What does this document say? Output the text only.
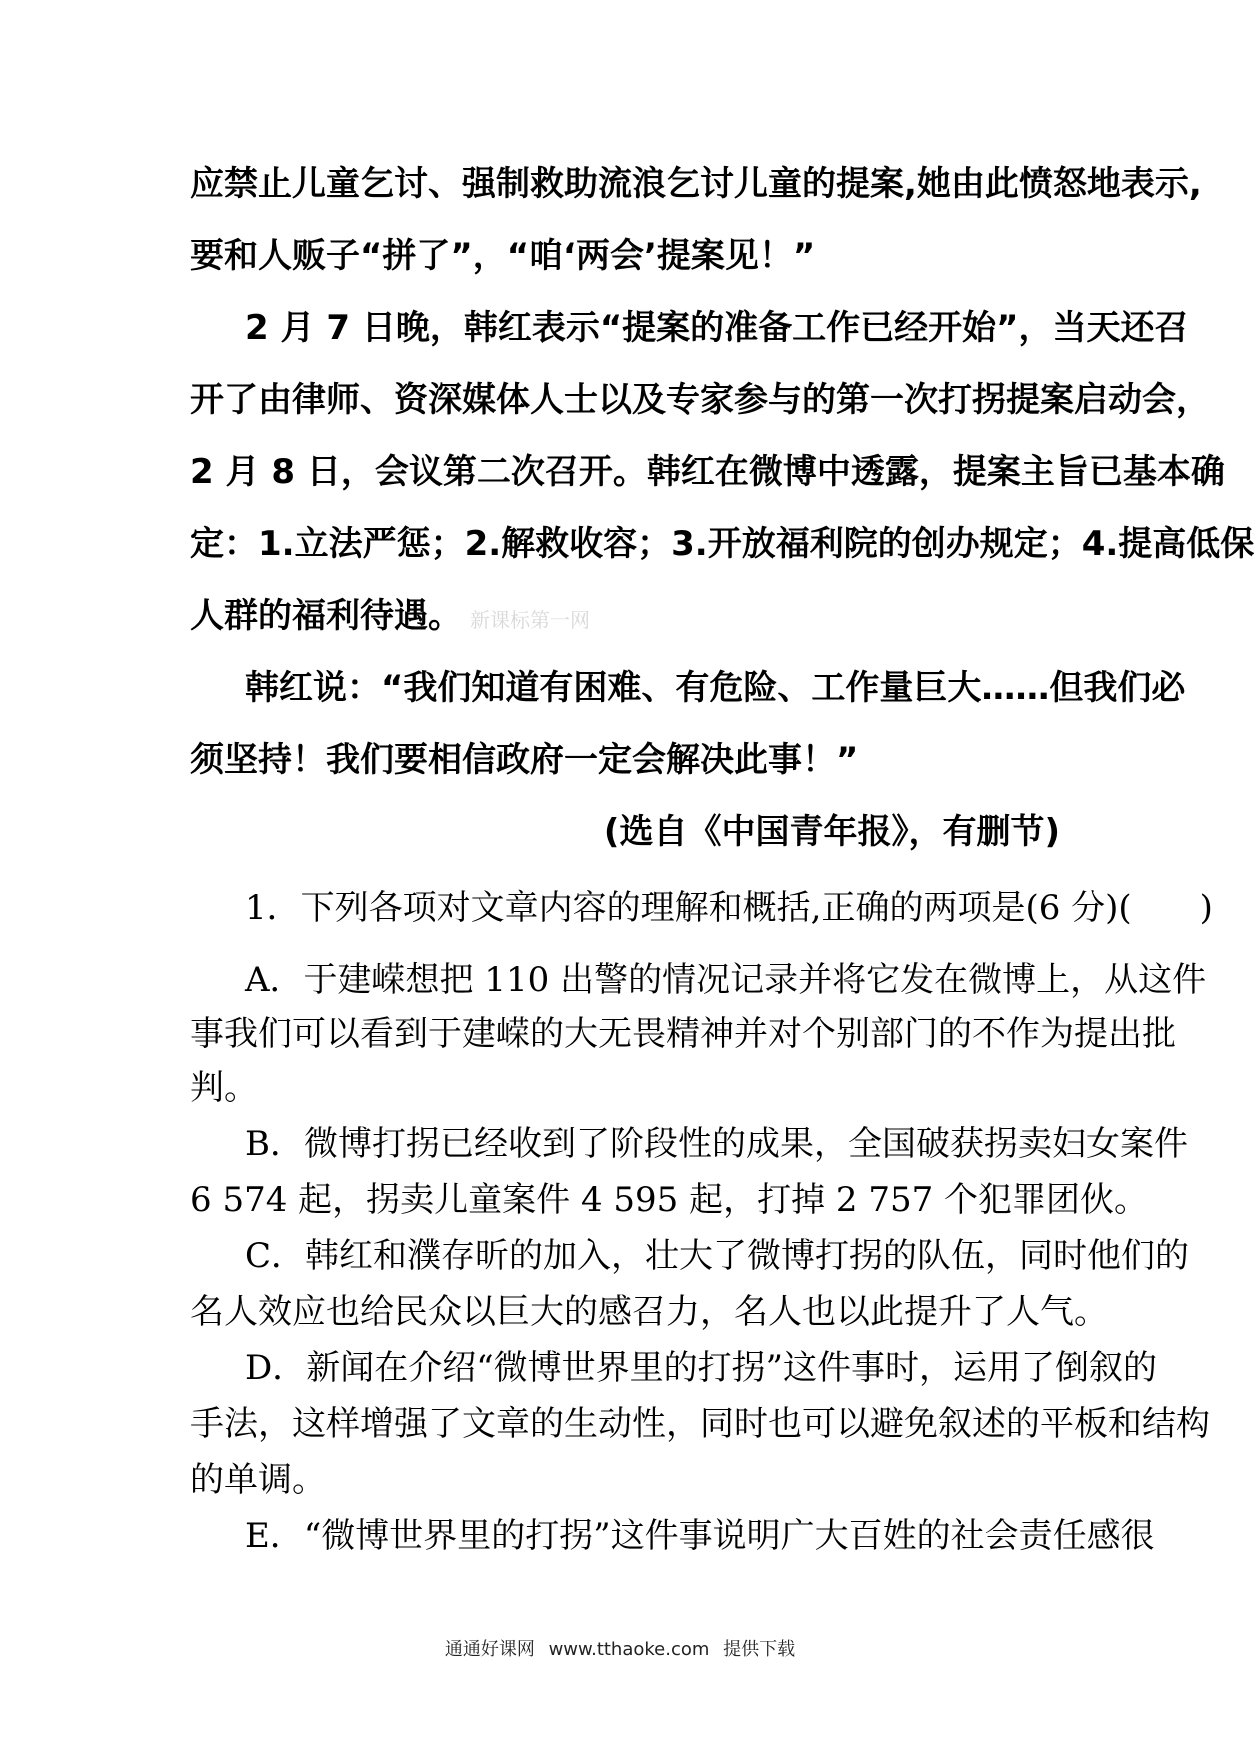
应禁止儿童乞讨、强制救助流浪乞讨儿童的提案,她由此愤怒地表示,
要和人贩子“拼了”，“咱‘两会’提案见！”
2 月 7 日晚，韩红表示“提案的准备工作已经开始”，当天还召
开了由律师、资深媒体人士以及专家参与的第一次打拐提案启动会，
2 月 8 日，会议第二次召开。韩红在微博中透露，提案主旨已基本确
定：1.立法严惩；2.解救收容；3.开放福利院的创办规定；4.提高低保
人群的福利待遇。 新课标第一网
韩红说：“我们知道有困难、有危险、工作量巨大……但我们必
须坚持！我们要相信政府一定会解决此事！”
(选自《中国青年报》，有删节)
1．下列各项对文章内容的理解和概括,正确的两项是(6 分)(　　)
A．于建嵘想把 110 出警的情况记录并将它发在微博上，从这件
事我们可以看到于建嵘的大无畏精神并对个别部门的不作为提出批
判。
B．微博打拐已经收到了阶段性的成果，全国破获拐卖妇女案件
6 574 起，拐卖儿童案件 4 595 起，打掉 2 757 个犯罪团伙。
C．韩红和濮存昕的加入，壮大了微博打拐的队伍，同时他们的
名人效应也给民众以巨大的感召力，名人也以此提升了人气。
D．新闻在介绍“微博世界里的打拐”这件事时，运用了倒叙的
手法，这样增强了文章的生动性，同时也可以避免叙述的平板和结构
的单调。
E．“微博世界里的打拐”这件事说明广大百姓的社会责任感很
通通好课网 www.tthaoke.com 提供下载
